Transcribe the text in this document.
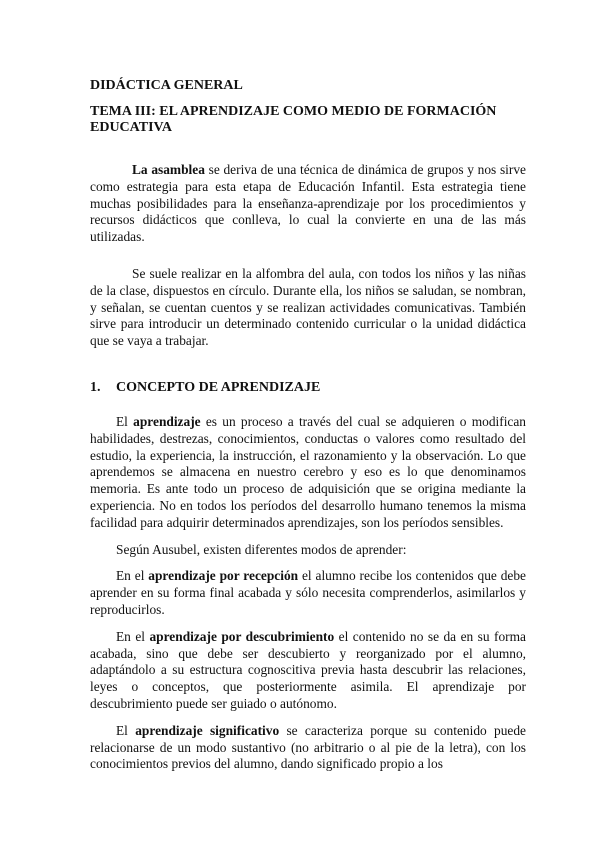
DIDÁCTICA GENERAL

TEMA III: EL APRENDIZAJE COMO MEDIO DE FORMACIÓN EDUCATIVA

La asamblea se deriva de una técnica de dinámica de grupos y nos sirve como estrategia para esta etapa de Educación Infantil. Esta estrategia tiene muchas posibilidades para la enseñanza-aprendizaje por los procedimientos y recursos didácticos que conlleva, lo cual la convierte en una de las más utilizadas.

Se suele realizar en la alfombra del aula, con todos los niños y las niñas de la clase, dispuestos en círculo. Durante ella, los niños se saludan, se nombran, y señalan, se cuentan cuentos y se realizan actividades comunicativas. También sirve para introducir un determinado contenido curricular o la unidad didáctica que se vaya a trabajar.

1. CONCEPTO DE APRENDIZAJE

El aprendizaje es un proceso a través del cual se adquieren o modifican habilidades, destrezas, conocimientos, conductas o valores como resultado del estudio, la experiencia, la instrucción, el razonamiento y la observación. Lo que aprendemos se almacena en nuestro cerebro y eso es lo que denominamos memoria. Es ante todo un proceso de adquisición que se origina mediante la experiencia. No en todos los períodos del desarrollo humano tenemos la misma facilidad para adquirir determinados aprendizajes, son los períodos sensibles.

Según Ausubel, existen diferentes modos de aprender:

En el aprendizaje por recepción el alumno recibe los contenidos que debe aprender en su forma final acabada y sólo necesita comprenderlos, asimilarlos y reproducirlos.

En el aprendizaje por descubrimiento el contenido no se da en su forma acabada, sino que debe ser descubierto y reorganizado por el alumno, adaptándolo a su estructura cognoscitiva previa hasta descubrir las relaciones, leyes o conceptos, que posteriormente asimila. El aprendizaje por descubrimiento puede ser guiado o autónomo.

El aprendizaje significativo se caracteriza porque su contenido puede relacionarse de un modo sustantivo (no arbitrario o al pie de la letra), con los conocimientos previos del alumno, dando significado propio a los
